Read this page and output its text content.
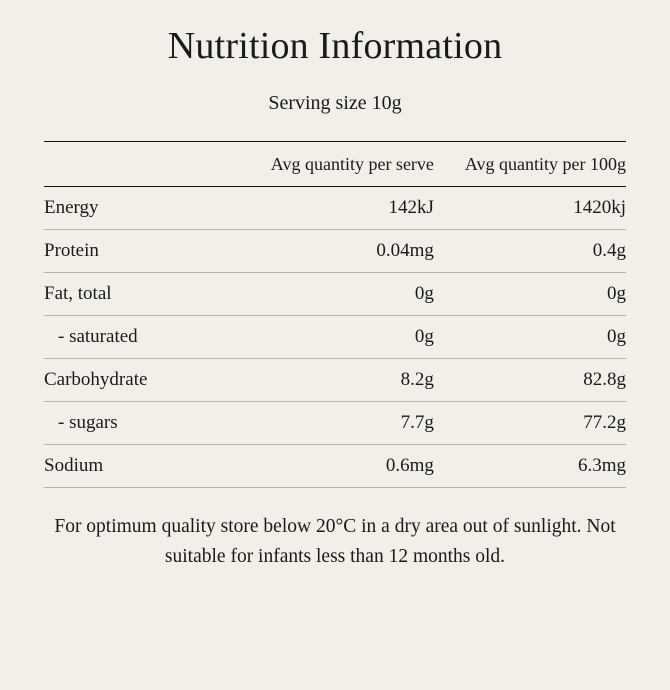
Nutrition Information
Serving size 10g
	Avg quantity per serve	Avg quantity per 100g
Energy	142kJ	1420kj
Protein	0.04mg	0.4g
Fat, total	0g	0g
- saturated	0g	0g
Carbohydrate	8.2g	82.8g
- sugars	7.7g	77.2g
Sodium	0.6mg	6.3mg
For optimum quality store below 20°C in a dry area out of sunlight. Not suitable for infants less than 12 months old.
